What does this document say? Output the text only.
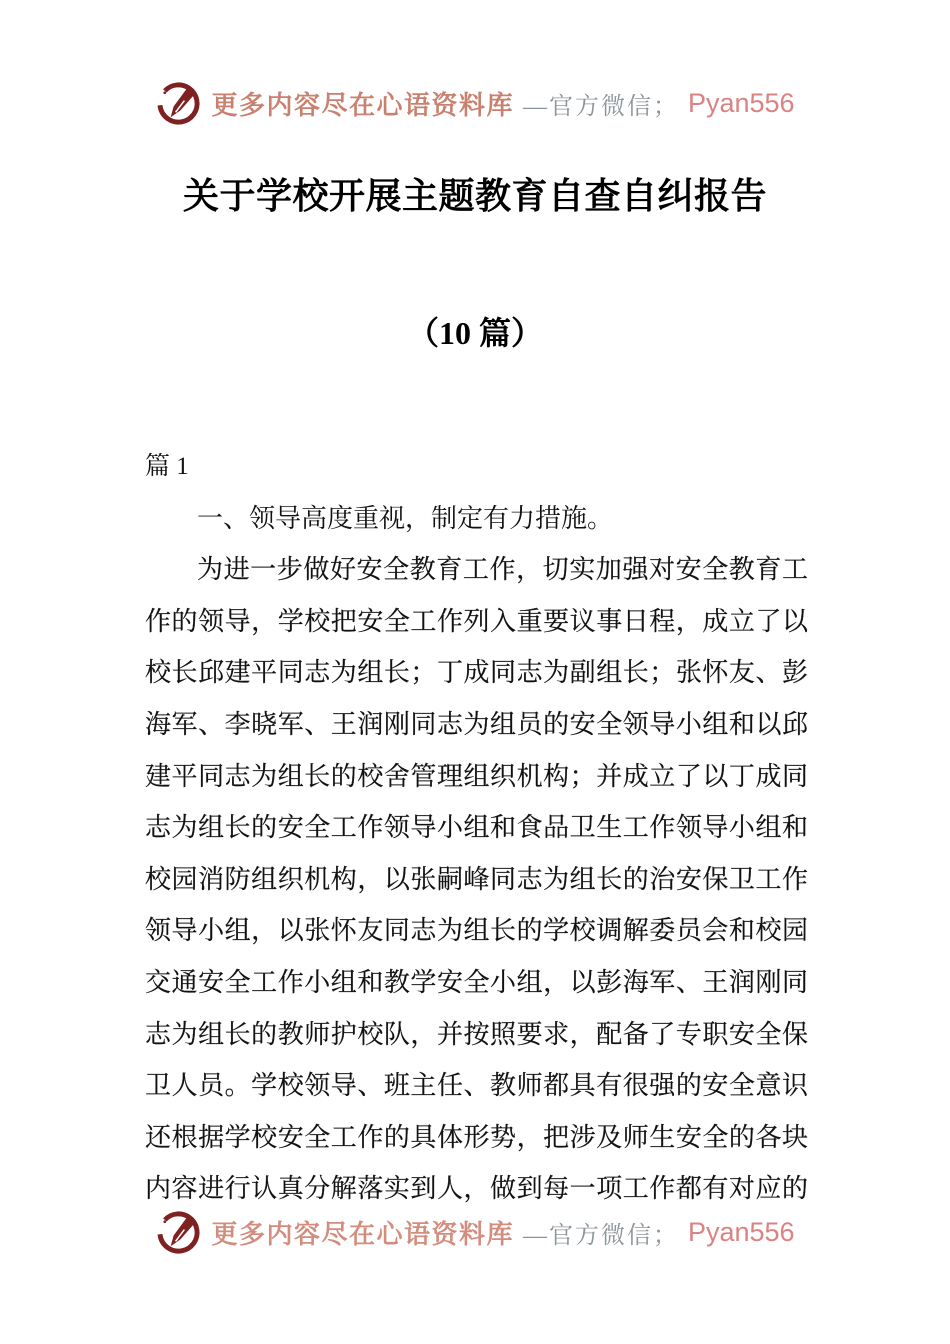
更多内容尽在心语资料库 —官方微信； Pyan556
关于学校开展主题教育自查自纠报告
（10 篇）
篇 1
一、领导高度重视，制定有力措施。
为进一步做好安全教育工作，切实加强对安全教育工
作的领导，学校把安全工作列入重要议事日程，成立了以
校长邱建平同志为组长；丁成同志为副组长；张怀友、彭
海军、李晓军、王润刚同志为组员的安全领导小组和以邱
建平同志为组长的校舍管理组织机构；并成立了以丁成同
志为组长的安全工作领导小组和食品卫生工作领导小组和
校园消防组织机构，以张嗣峰同志为组长的治安保卫工作
领导小组，以张怀友同志为组长的学校调解委员会和校园
交通安全工作小组和教学安全小组，以彭海军、王润刚同
志为组长的教师护校队，并按照要求，配备了专职安全保
卫人员。学校领导、班主任、教师都具有很强的安全意识
还根据学校安全工作的具体形势，把涉及师生安全的各块
内容进行认真分解落实到人，做到每一项工作都有对应的
更多内容尽在心语资料库 —官方微信； Pyan556
